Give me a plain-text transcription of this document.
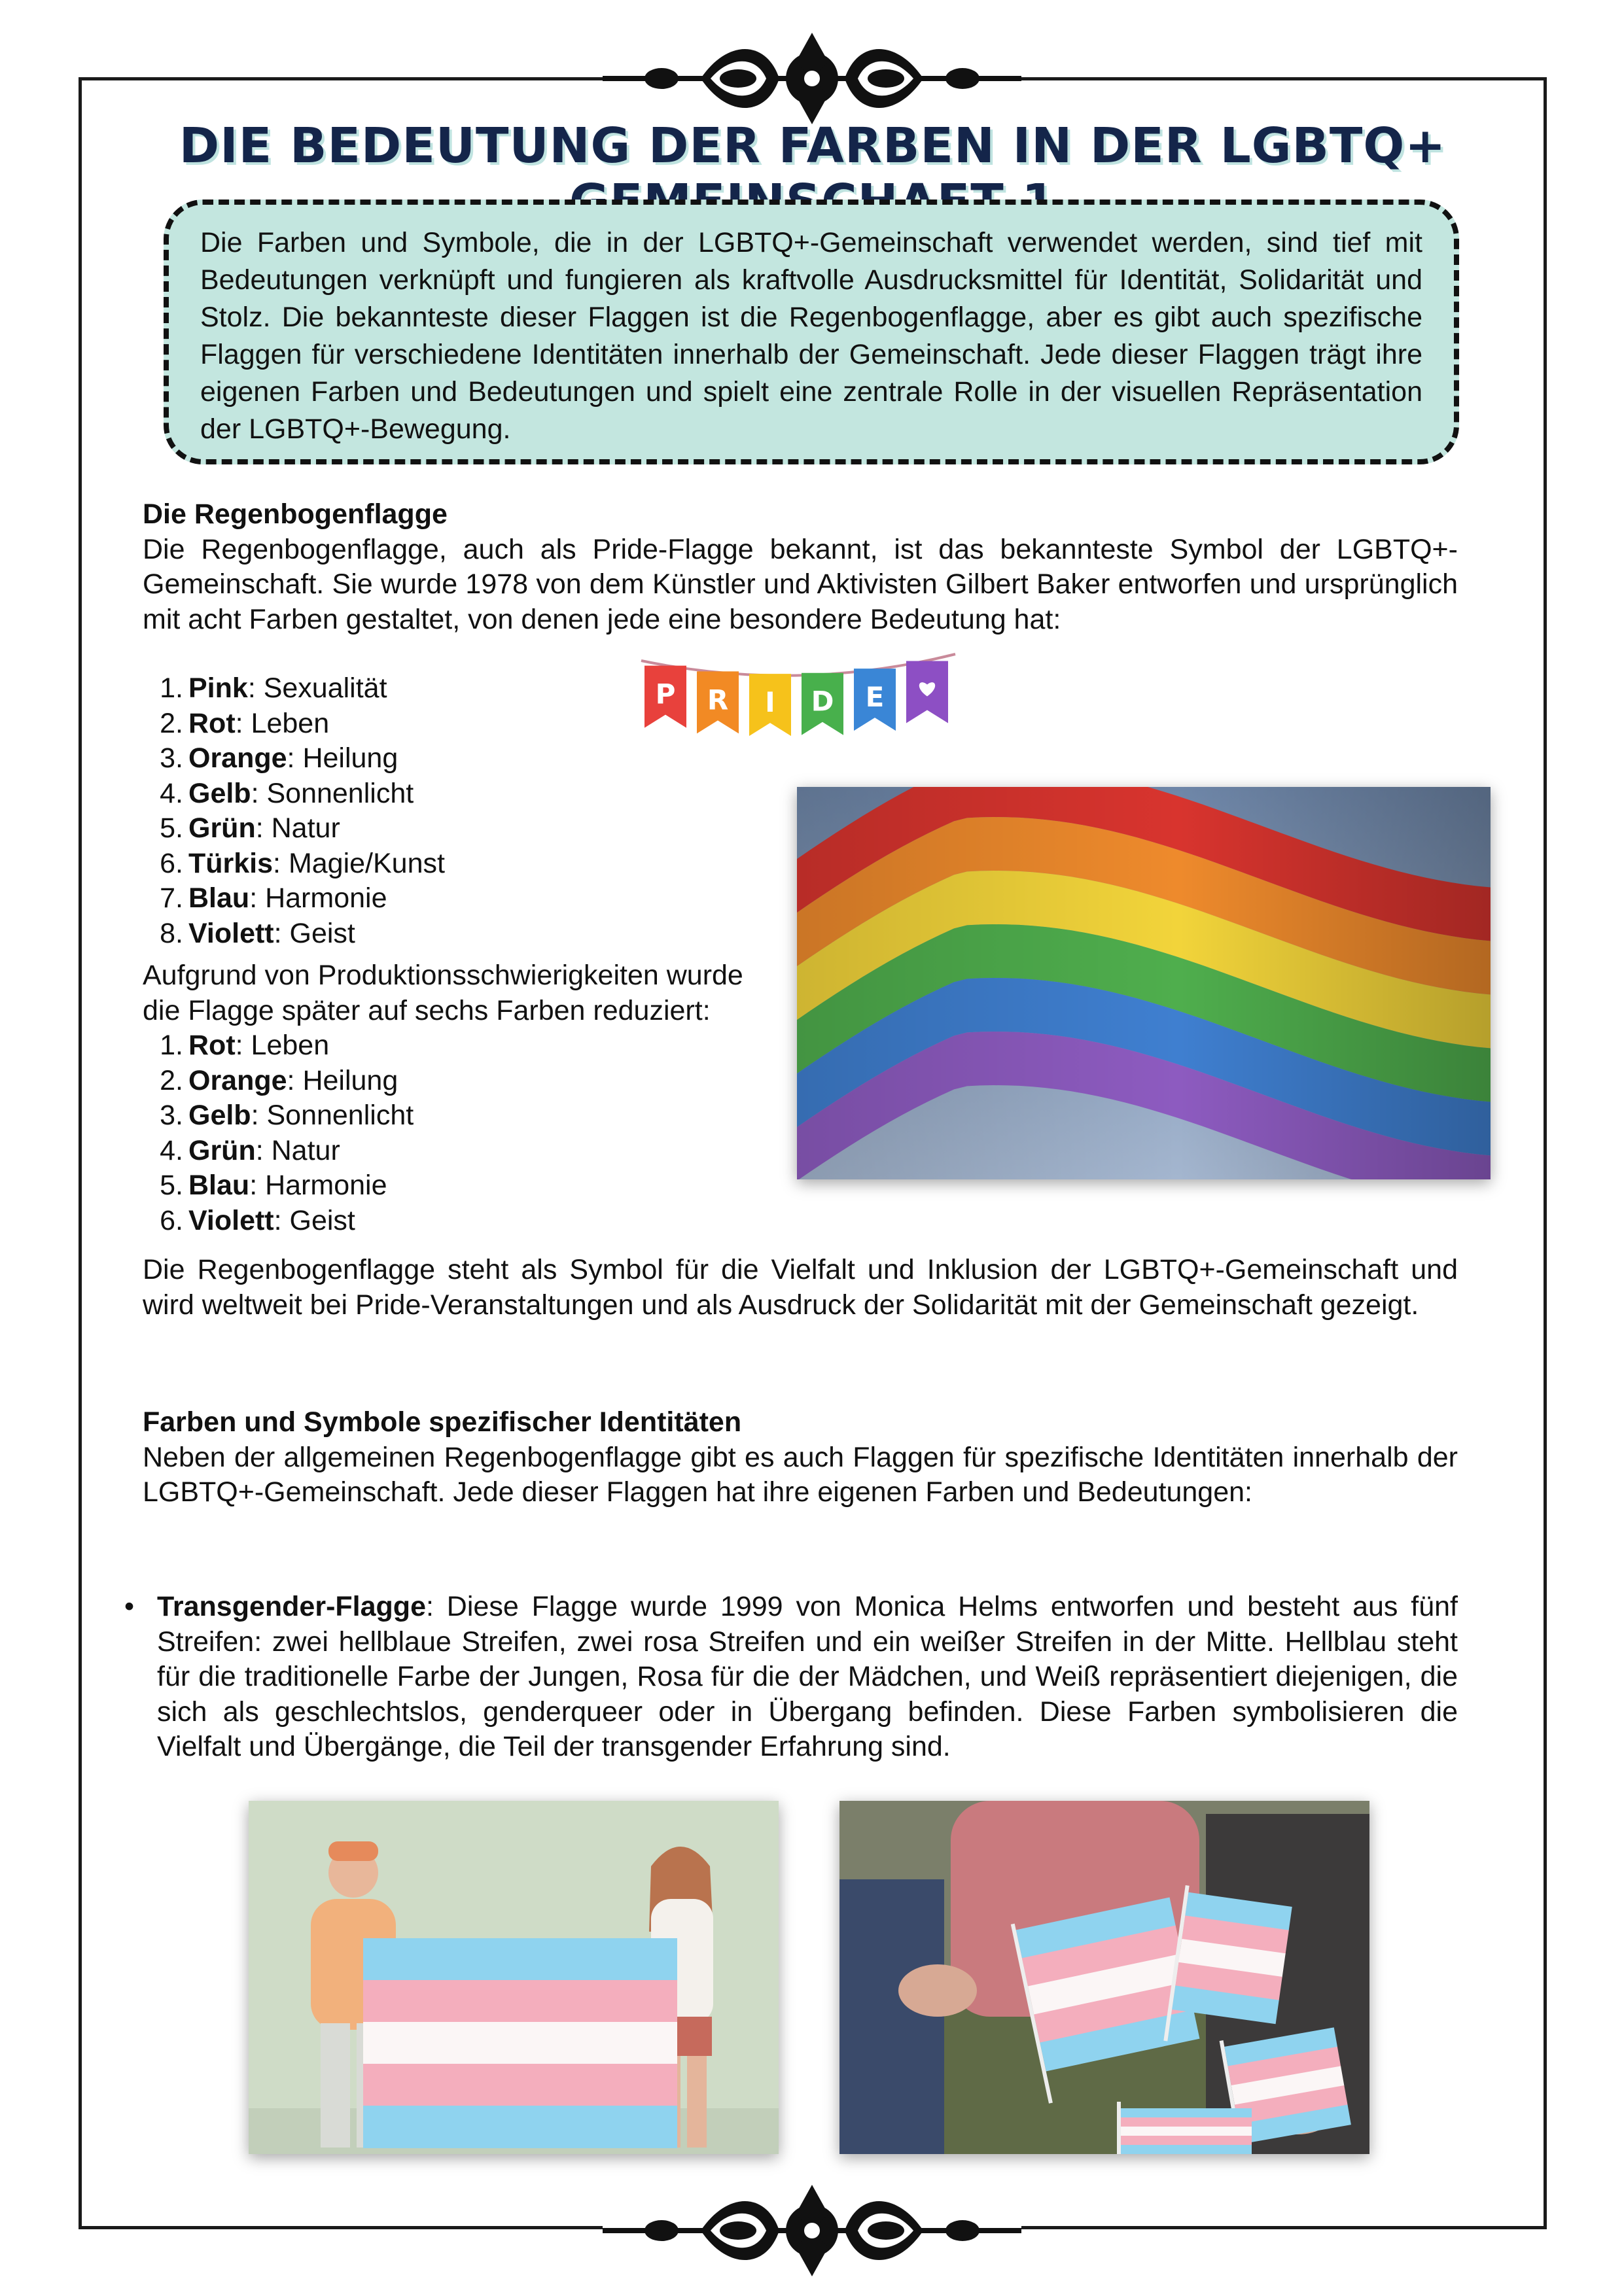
DIE BEDEUTUNG DER FARBEN IN DER LGBTQ+
Die Farben und Symbole, die in der LGBTQ+-Gemeinschaft verwendet werden, sind tief mit Bedeutungen verknüpft und fungieren als kraftvolle Ausdrucksmittel für Identität, Solidarität und Stolz. Die bekannteste dieser Flaggen ist die Regenbogenflagge, aber es gibt auch spezifische Flaggen für verschiedene Identitäten innerhalb der Gemeinschaft. Jede dieser Flaggen trägt ihre eigenen Farben und Bedeutungen und spielt eine zentrale Rolle in der visuellen Repräsentation der LGBTQ+-Bewegung.
Die Regenbogenflagge
Die Regenbogenflagge, auch als Pride-Flagge bekannt, ist das bekannteste Symbol der LGBTQ+-Gemeinschaft. Sie wurde 1978 von dem Künstler und Aktivisten Gilbert Baker entworfen und ursprünglich mit acht Farben gestaltet, von denen jede eine besondere Bedeutung hat:
1. Pink: Sexualität
2. Rot: Leben
3. Orange: Heilung
4. Gelb: Sonnenlicht
5. Grün: Natur
6. Türkis: Magie/Kunst
7. Blau: Harmonie
8. Violett: Geist
Aufgrund von Produktionsschwierigkeiten wurde
die Flagge später auf sechs Farben reduziert:
1. Rot: Leben
2. Orange: Heilung
3. Gelb: Sonnenlicht
4. Grün: Natur
5. Blau: Harmonie
6. Violett: Geist
Die Regenbogenflagge steht als Symbol für die Vielfalt und Inklusion der LGBTQ+-Gemeinschaft und wird weltweit bei Pride-Veranstaltungen und als Ausdruck der Solidarität mit der Gemeinschaft gezeigt.
P R I D E
Farben und Symbole spezifischer Identitäten
Neben der allgemeinen Regenbogenflagge gibt es auch Flaggen für spezifische Identitäten innerhalb der LGBTQ+-Gemeinschaft. Jede dieser Flaggen hat ihre eigenen Farben und Bedeutungen:
• Transgender-Flagge: Diese Flagge wurde 1999 von Monica Helms entworfen und besteht aus fünf Streifen: zwei hellblaue Streifen, zwei rosa Streifen und ein weißer Streifen in der Mitte. Hellblau steht für die traditionelle Farbe der Jungen, Rosa für die der Mädchen, und Weiß repräsentiert diejenigen, die sich als geschlechtslos, genderqueer oder in Übergang befinden. Diese Farben symbolisieren die Vielfalt und Übergänge, die Teil der transgender Erfahrung sind.
